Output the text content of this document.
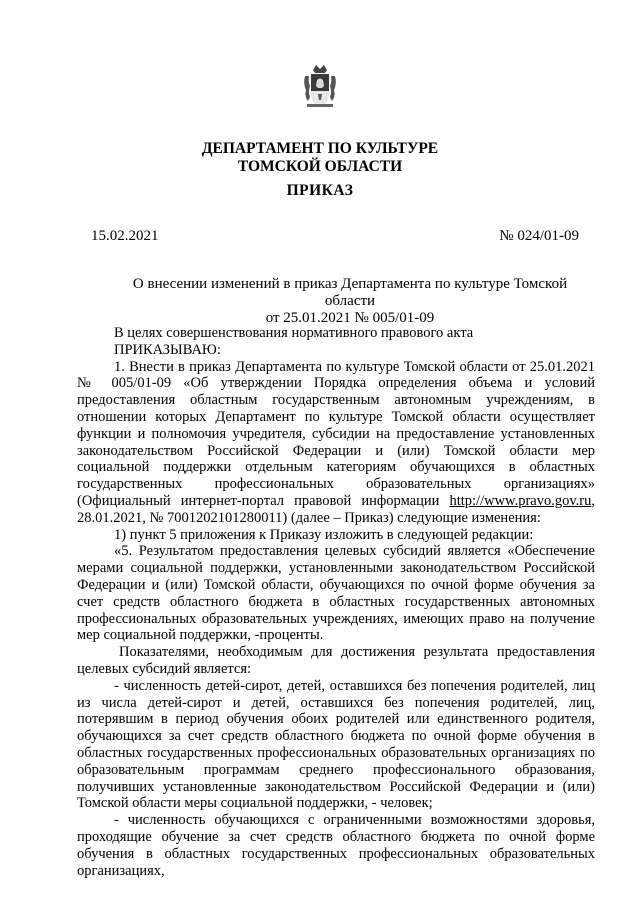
ДЕПАРТАМЕНТ ПО КУЛЬТУРЕ
ТОМСКОЙ ОБЛАСТИ
ПРИКАЗ
15.02.2021	№ 024/01-09
О внесении изменений в приказ Департамента по культуре Томской области
от 25.01.2021 № 005/01-09

В целях совершенствования нормативного правового акта

ПРИКАЗЫВАЮ:

1. Внести в приказ Департамента по культуре Томской области от 25.01.2021 № 005/01-09 «Об утверждении Порядка определения объема и условий предоставления областным государственным автономным учреждениям, в отношении которых Департамент по культуре Томской области осуществляет функции и полномочия учредителя, субсидии на предоставление установленных законодательством Российской Федерации и (или) Томской области мер социальной поддержки отдельным категориям обучающихся в областных государственных профессиональных образовательных организациях» (Официальный интернет-портал правовой информации http://www.pravo.gov.ru, 28.01.2021, № 7001202101280011) (далее – Приказ) следующие изменения:

1) пункт 5 приложения к Приказу изложить в следующей редакции:

«5. Результатом предоставления целевых субсидий является «Обеспечение мерами социальной поддержки, установленными законодательством Российской Федерации и (или) Томской области, обучающихся по очной форме обучения за счет средств областного бюджета в областных государственных автономных профессиональных образовательных учреждениях, имеющих право на получение мер социальной поддержки, -проценты.

Показателями, необходимым для достижения результата предоставления целевых субсидий является:

- численность детей-сирот, детей, оставшихся без попечения родителей, лиц из числа детей-сирот и детей, оставшихся без попечения родителей, лиц, потерявшим в период обучения обоих родителей или единственного родителя, обучающихся за счет средств областного бюджета по очной форме обучения в областных государственных профессиональных образовательных организациях по образовательным программам среднего профессионального образования, получивших установленные законодательством Российской Федерации и (или) Томской области меры социальной поддержки, - человек;

- численность обучающихся с ограниченными возможностями здоровья, проходящие обучение за счет средств областного бюджета по очной форме обучения в областных государственных профессиональных образовательных организациях,
